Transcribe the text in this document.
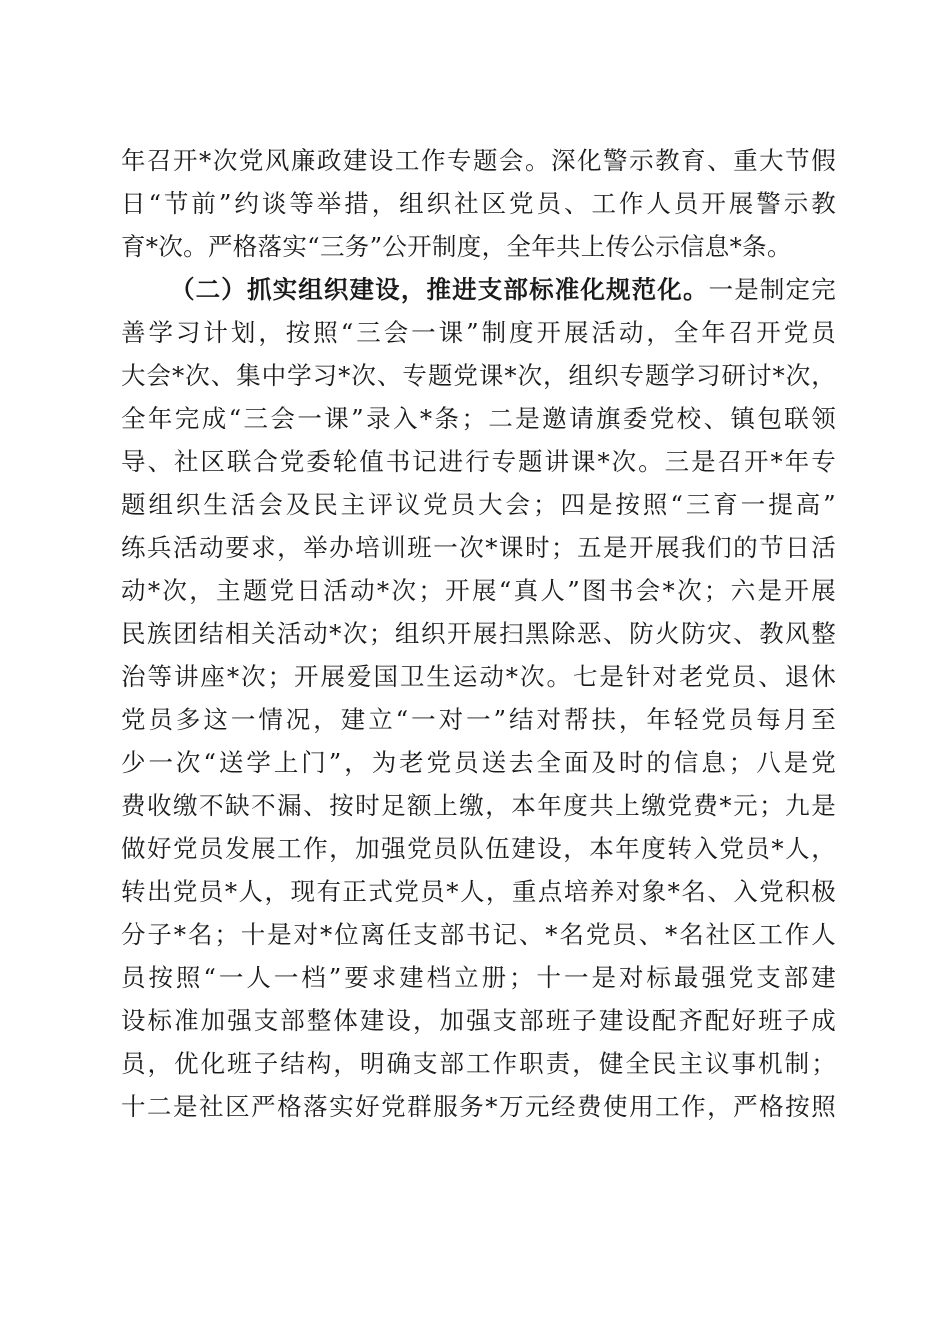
年召开*次党风廉政建设工作专题会。深化警示教育、重大节假
日“节前”约谈等举措，组织社区党员、工作人员开展警示教
育*次。严格落实“三务”公开制度，全年共上传公示信息*条。
（二）抓实组织建设，推进支部标准化规范化。一是制定完
善学习计划，按照“三会一课”制度开展活动，全年召开党员
大会*次、集中学习*次、专题党课*次，组织专题学习研讨*次，
全年完成“三会一课”录入*条；二是邀请旗委党校、镇包联领
导、社区联合党委轮值书记进行专题讲课*次。三是召开*年专
题组织生活会及民主评议党员大会；四是按照“三育一提高”
练兵活动要求，举办培训班一次*课时；五是开展我们的节日活
动*次，主题党日活动*次；开展“真人”图书会*次；六是开展
民族团结相关活动*次；组织开展扫黑除恶、防火防灾、教风整
治等讲座*次；开展爱国卫生运动*次。七是针对老党员、退休
党员多这一情况，建立“一对一”结对帮扶，年轻党员每月至
少一次“送学上门”，为老党员送去全面及时的信息；八是党
费收缴不缺不漏、按时足额上缴，本年度共上缴党费*元；九是
做好党员发展工作，加强党员队伍建设，本年度转入党员*人，
转出党员*人，现有正式党员*人，重点培养对象*名、入党积极
分子*名；十是对*位离任支部书记、*名党员、*名社区工作人
员按照“一人一档”要求建档立册；十一是对标最强党支部建
设标准加强支部整体建设，加强支部班子建设配齐配好班子成
员，优化班子结构，明确支部工作职责，健全民主议事机制；
十二是社区严格落实好党群服务*万元经费使用工作，严格按照
